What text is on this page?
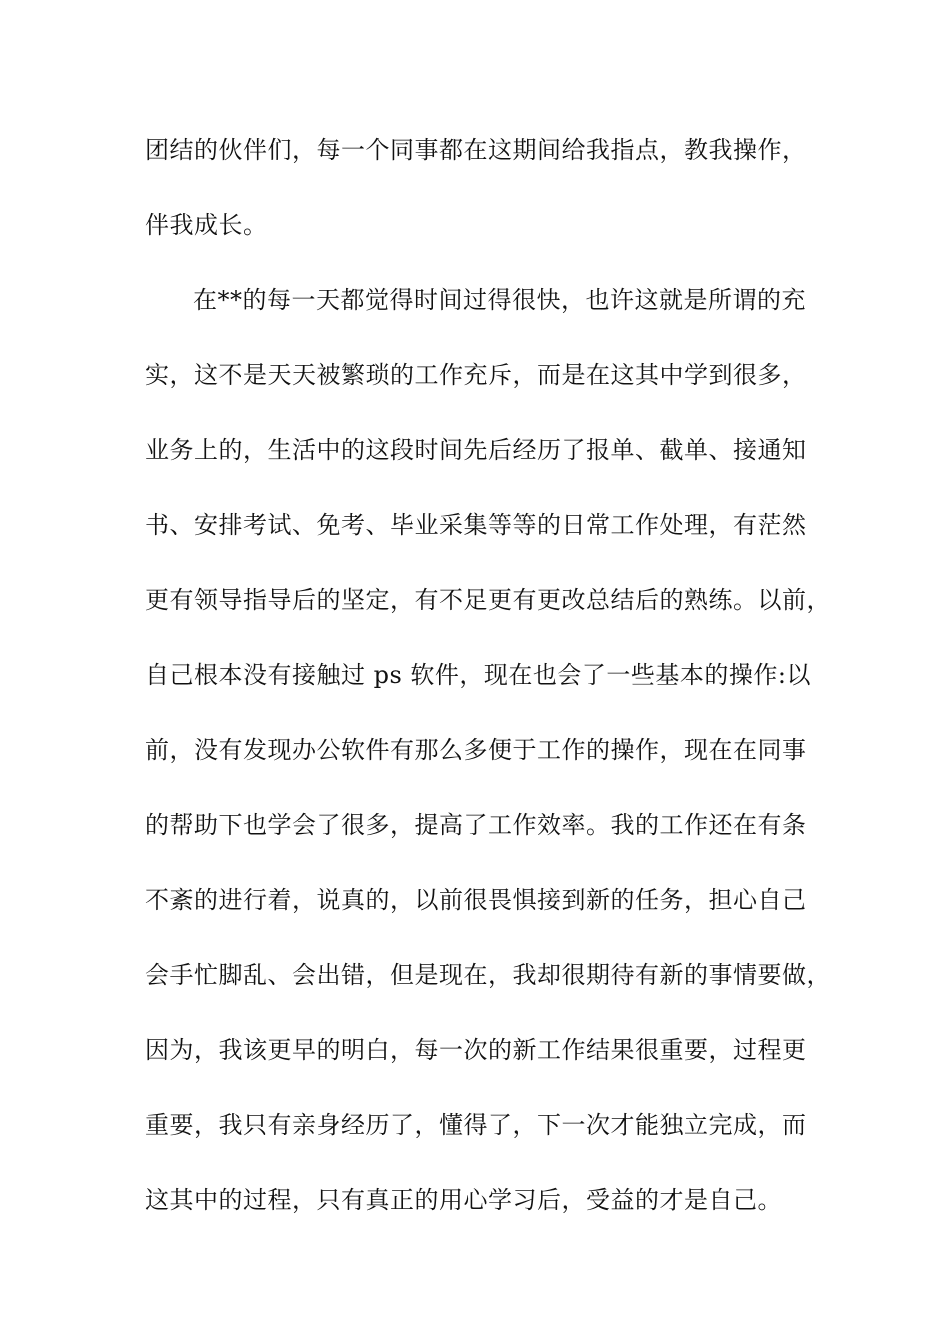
团结的伙伴们，每一个同事都在这期间给我指点，教我操作，
伴我成长。
在**的每一天都觉得时间过得很快，也许这就是所谓的充
实，这不是天天被繁琐的工作充斥，而是在这其中学到很多，
业务上的，生活中的这段时间先后经历了报单、截单、接通知
书、安排考试、免考、毕业采集等等的日常工作处理，有茫然
更有领导指导后的坚定，有不足更有更改总结后的熟练。以前，
自己根本没有接触过 ps 软件，现在也会了一些基本的操作:以
前，没有发现办公软件有那么多便于工作的操作，现在在同事
的帮助下也学会了很多，提高了工作效率。我的工作还在有条
不紊的进行着，说真的，以前很畏惧接到新的任务，担心自己
会手忙脚乱、会出错，但是现在，我却很期待有新的事情要做，
因为，我该更早的明白，每一次的新工作结果很重要，过程更
重要，我只有亲身经历了，懂得了，下一次才能独立完成，而
这其中的过程，只有真正的用心学习后，受益的才是自己。
